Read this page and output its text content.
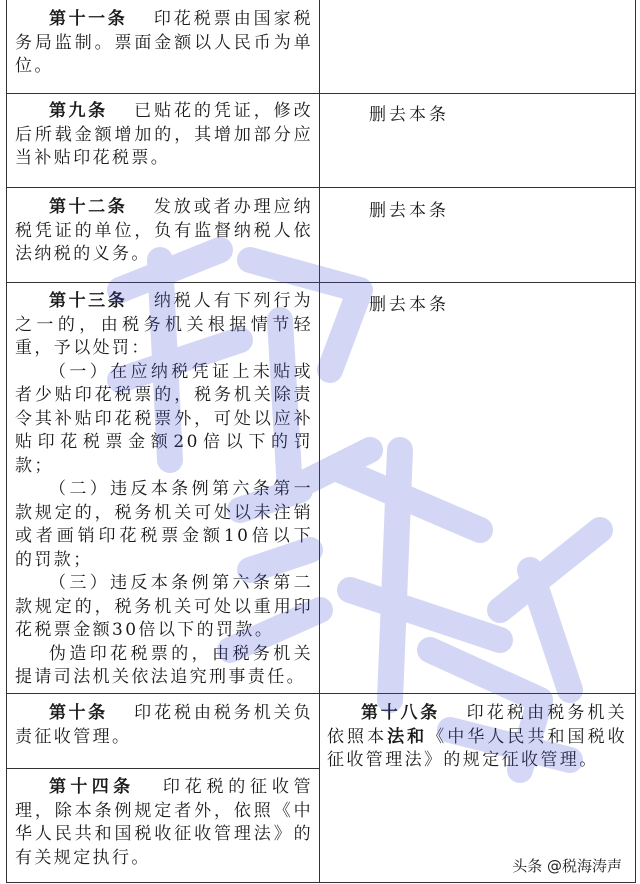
第十一条 印花税票由国家税务局监制。票面金额以人民币为单位。

第九条 已贴花的凭证，修改后所载金额增加的，其增加部分应当补贴印花税票。

删去本条

第十二条 发放或者办理应纳税凭证的单位，负有监督纳税人依法纳税的义务。

删去本条

第十三条 纳税人有下列行为之一的，由税务机关根据情节轻重，予以处罚：

（一）在应纳税凭证上未贴或者少贴印花税票的，税务机关除责令其补贴印花税票外，可处以应补贴印花税票金额20倍以下的罚款；

（二）违反本条例第六条第一款规定的，税务机关可处以未注销或者画销印花税票金额10倍以下的罚款；

（三）违反本条例第六条第二款规定的，税务机关可处以重用印花税票金额30倍以下的罚款。

伪造印花税票的，由税务机关提请司法机关依法追究刑事责任。

删去本条

第十条 印花税由税务机关负责征收管理。

第十四条 印花税的征收管理，除本条例规定者外，依照《中华人民共和国税收征收管理法》的有关规定执行。

第十八条 印花税由税务机关依照本法和《中华人民共和国税收征收管理法》的规定征收管理。

头条 @税海涛声
